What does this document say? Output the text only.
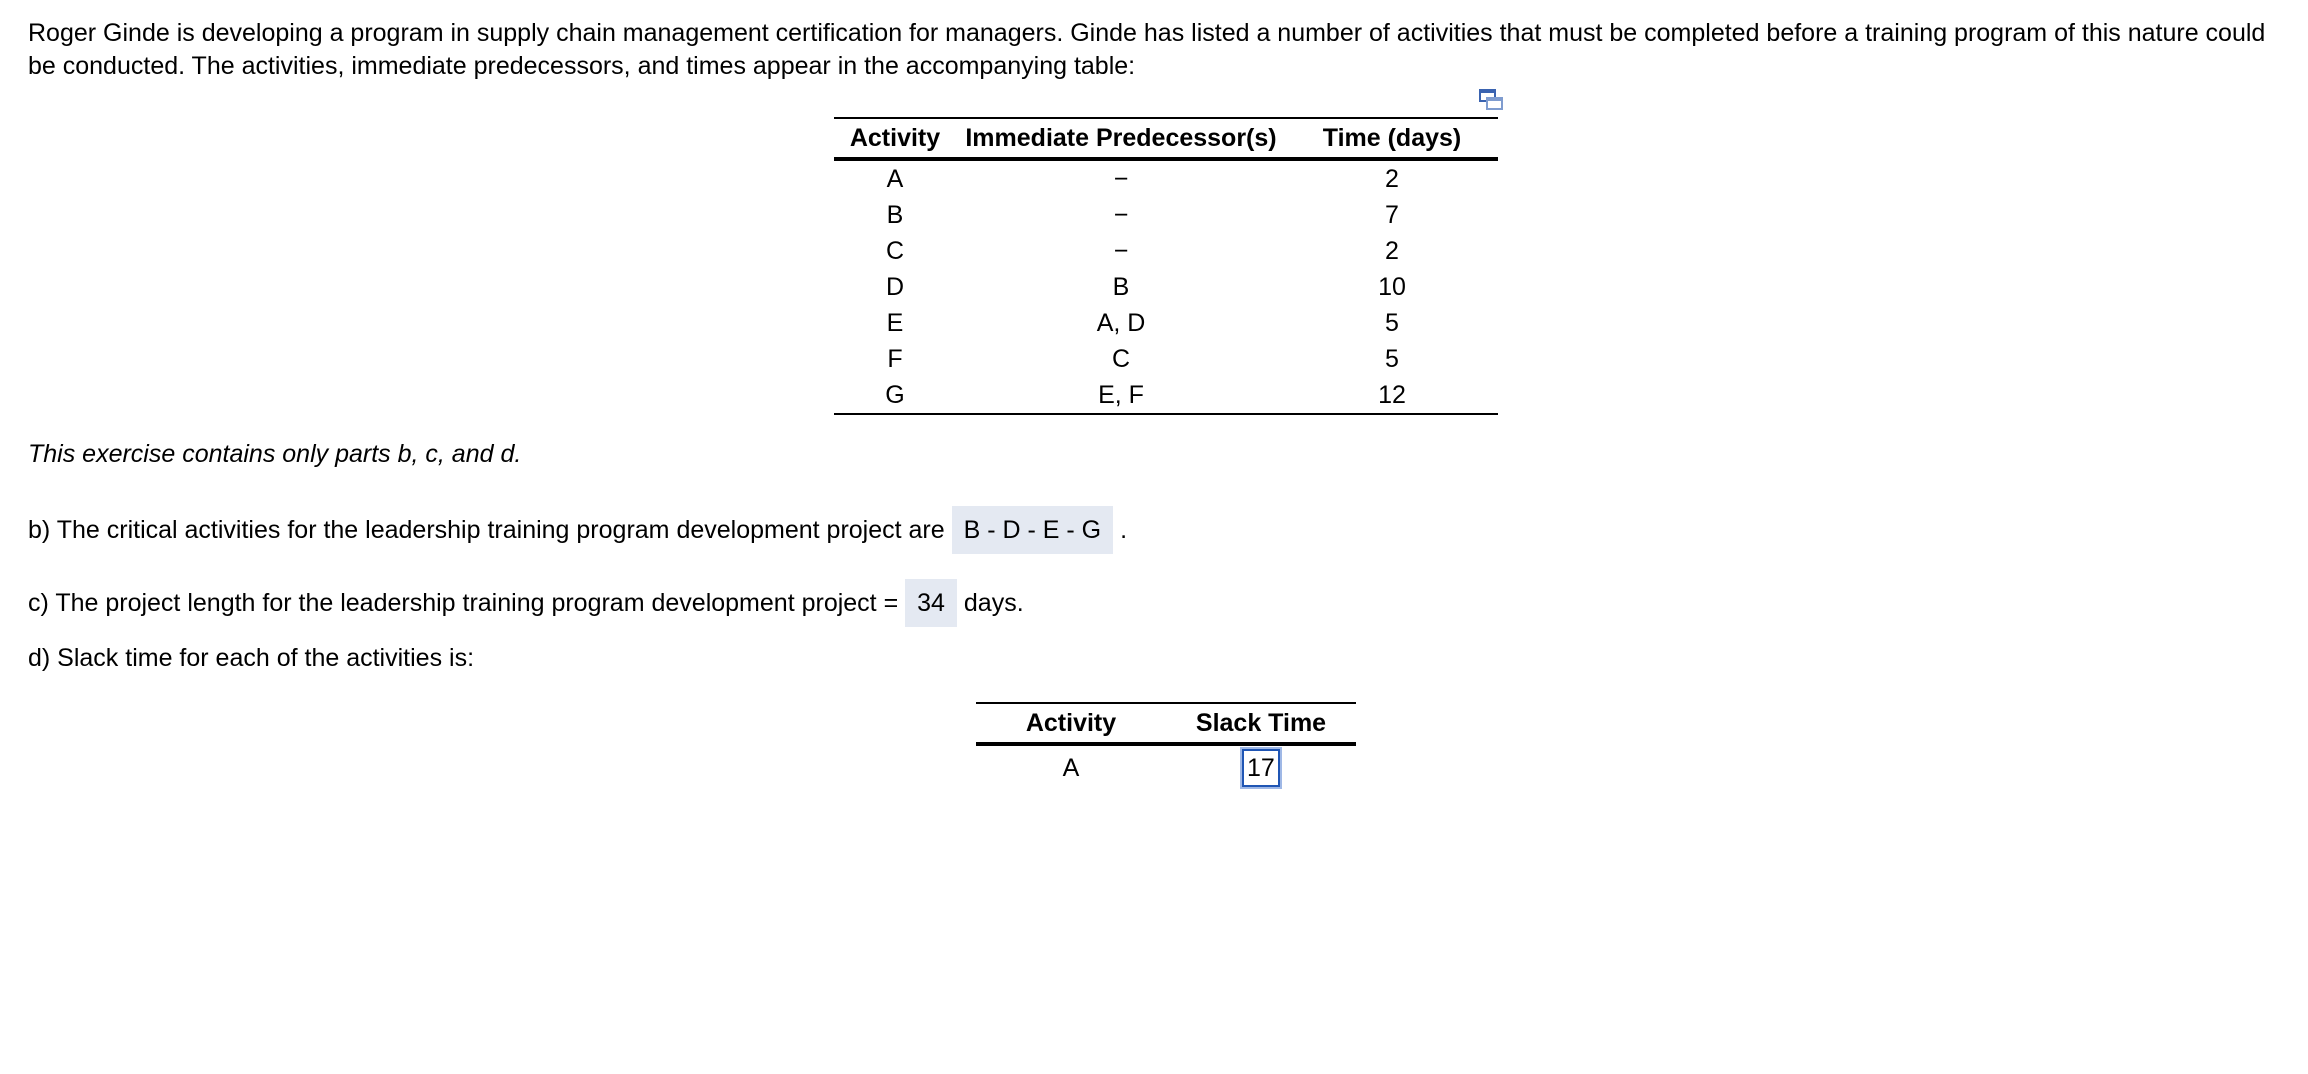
Roger Ginde is developing a program in supply chain management certification for managers. Ginde has listed a number of activities that must be completed before a training program of this nature could be conducted. The activities, immediate predecessors, and times appear in the accompanying table:
Activity	Immediate Predecessor(s)	Time (days)
A	−	2
B	−	7
C	−	2
D	B	10
E	A, D	5
F	C	5
G	E, F	12
This exercise contains only parts b, c, and d.
b) The critical activities for the leadership training program development project are B - D - E - G .
c) The project length for the leadership training program development project = 34 days.
d) Slack time for each of the activities is:
Activity	Slack Time
A	17
